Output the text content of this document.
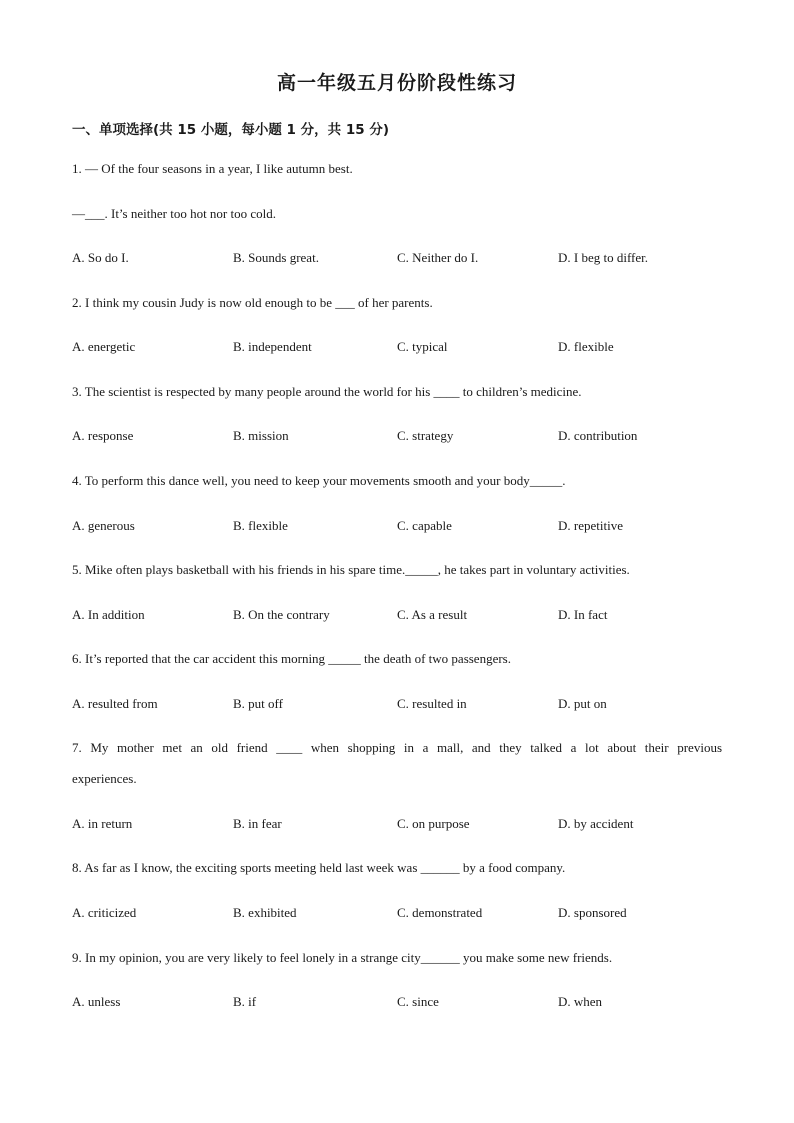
高一年级五月份阶段性练习
一、单项选择(共 15 小题，每小题 1 分，共 15 分)
1. — Of the four seasons in a year, I like autumn best.
—___. It’s neither too hot nor too cold.
A. So do I.	B. Sounds great.	C. Neither do I.	D. I beg to differ.
2. I think my cousin Judy is now old enough to be ___ of her parents.
A. energetic	B. independent	C. typical	D. flexible
3. The scientist is respected by many people around the world for his ____ to children’s medicine.
A. response	B. mission	C. strategy	D. contribution
4. To perform this dance well, you need to keep your movements smooth and your body_____.
A. generous	B. flexible	C. capable	D. repetitive
5. Mike often plays basketball with his friends in his spare time._____, he takes part in voluntary activities.
A. In addition	B. On the contrary	C. As a result	D. In fact
6. It’s reported that the car accident this morning _____ the death of two passengers.
A. resulted from	B. put off	C. resulted in	D. put on
7. My mother met an old friend ____ when shopping in a mall, and they talked a lot about their previous
experiences.
A. in return	B. in fear	C. on purpose	D. by accident
8. As far as I know, the exciting sports meeting held last week was ______ by a food company.
A. criticized	B. exhibited	C. demonstrated	D. sponsored
9. In my opinion, you are very likely to feel lonely in a strange city______ you make some new friends.
A. unless	B. if	C. since	D. when
